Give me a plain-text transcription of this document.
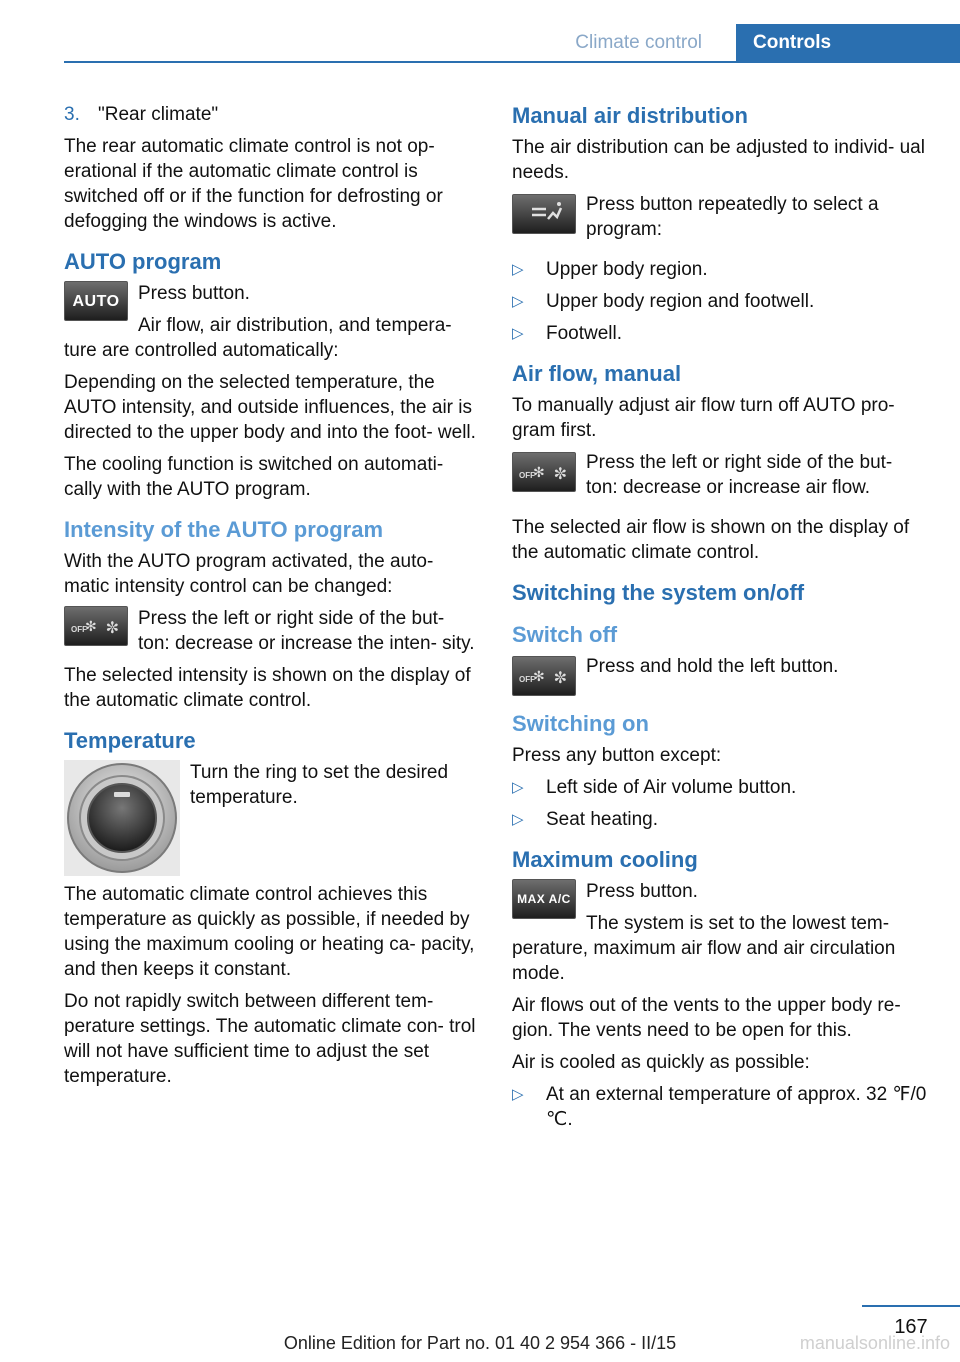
Climate control	Controls
3. "Rear climate"

The rear automatic climate control is not op‐ erational if the automatic climate control is switched off or if the function for defrosting or defogging the windows is active.

AUTO program
AUTO Press button.

Air flow, air distribution, and tempera‐ ture are controlled automatically:

Depending on the selected temperature, the AUTO intensity, and outside influences, the air is directed to the upper body and into the foot‐ well.

The cooling function is switched on automati‐ cally with the AUTO program.

Intensity of the AUTO program

With the AUTO program activated, the auto‐ matic intensity control can be changed:

✻ ✼
OFF

Press the left or right side of the but‐ ton: decrease or increase the inten‐ sity.

The selected intensity is shown on the display of the automatic climate control.

Temperature

Turn the ring to set the desired temperature.

The automatic climate control achieves this temperature as quickly as possible, if needed by using the maximum cooling or heating ca‐ pacity, and then keeps it constant.

Do not rapidly switch between different tem‐ perature settings. The automatic climate con‐ trol will not have sufficient time to adjust the set temperature.

Manual air distribution

The air distribution can be adjusted to individ‐ ual needs.

Press button repeatedly to select a program:

▷	Upper body region.
▷	Upper body region and footwell.
▷	Footwell.
Air flow, manual

To manually adjust air flow turn off AUTO pro‐ gram first.

✻ ✼
OFF

Press the left or right side of the but‐ ton: decrease or increase air flow.

The selected air flow is shown on the display of the automatic climate control.

Switching the system on/off
Switch off
✻ ✼
OFF

Press and hold the left button.

Switching on

Press any button except:

▷	Left side of Air volume button.
▷	Seat heating.
Maximum cooling
MAX A/C Press button.

The system is set to the lowest tem‐ perature, maximum air flow and air circulation mode.

Air flows out of the vents to the upper body re‐ gion. The vents need to be open for this.

Air is cooled as quickly as possible:

▷	At an external temperature of approx. 32 ℉/0 ℃.
167
Online Edition for Part no. 01 40 2 954 366 - II/15	manualsonline.info
